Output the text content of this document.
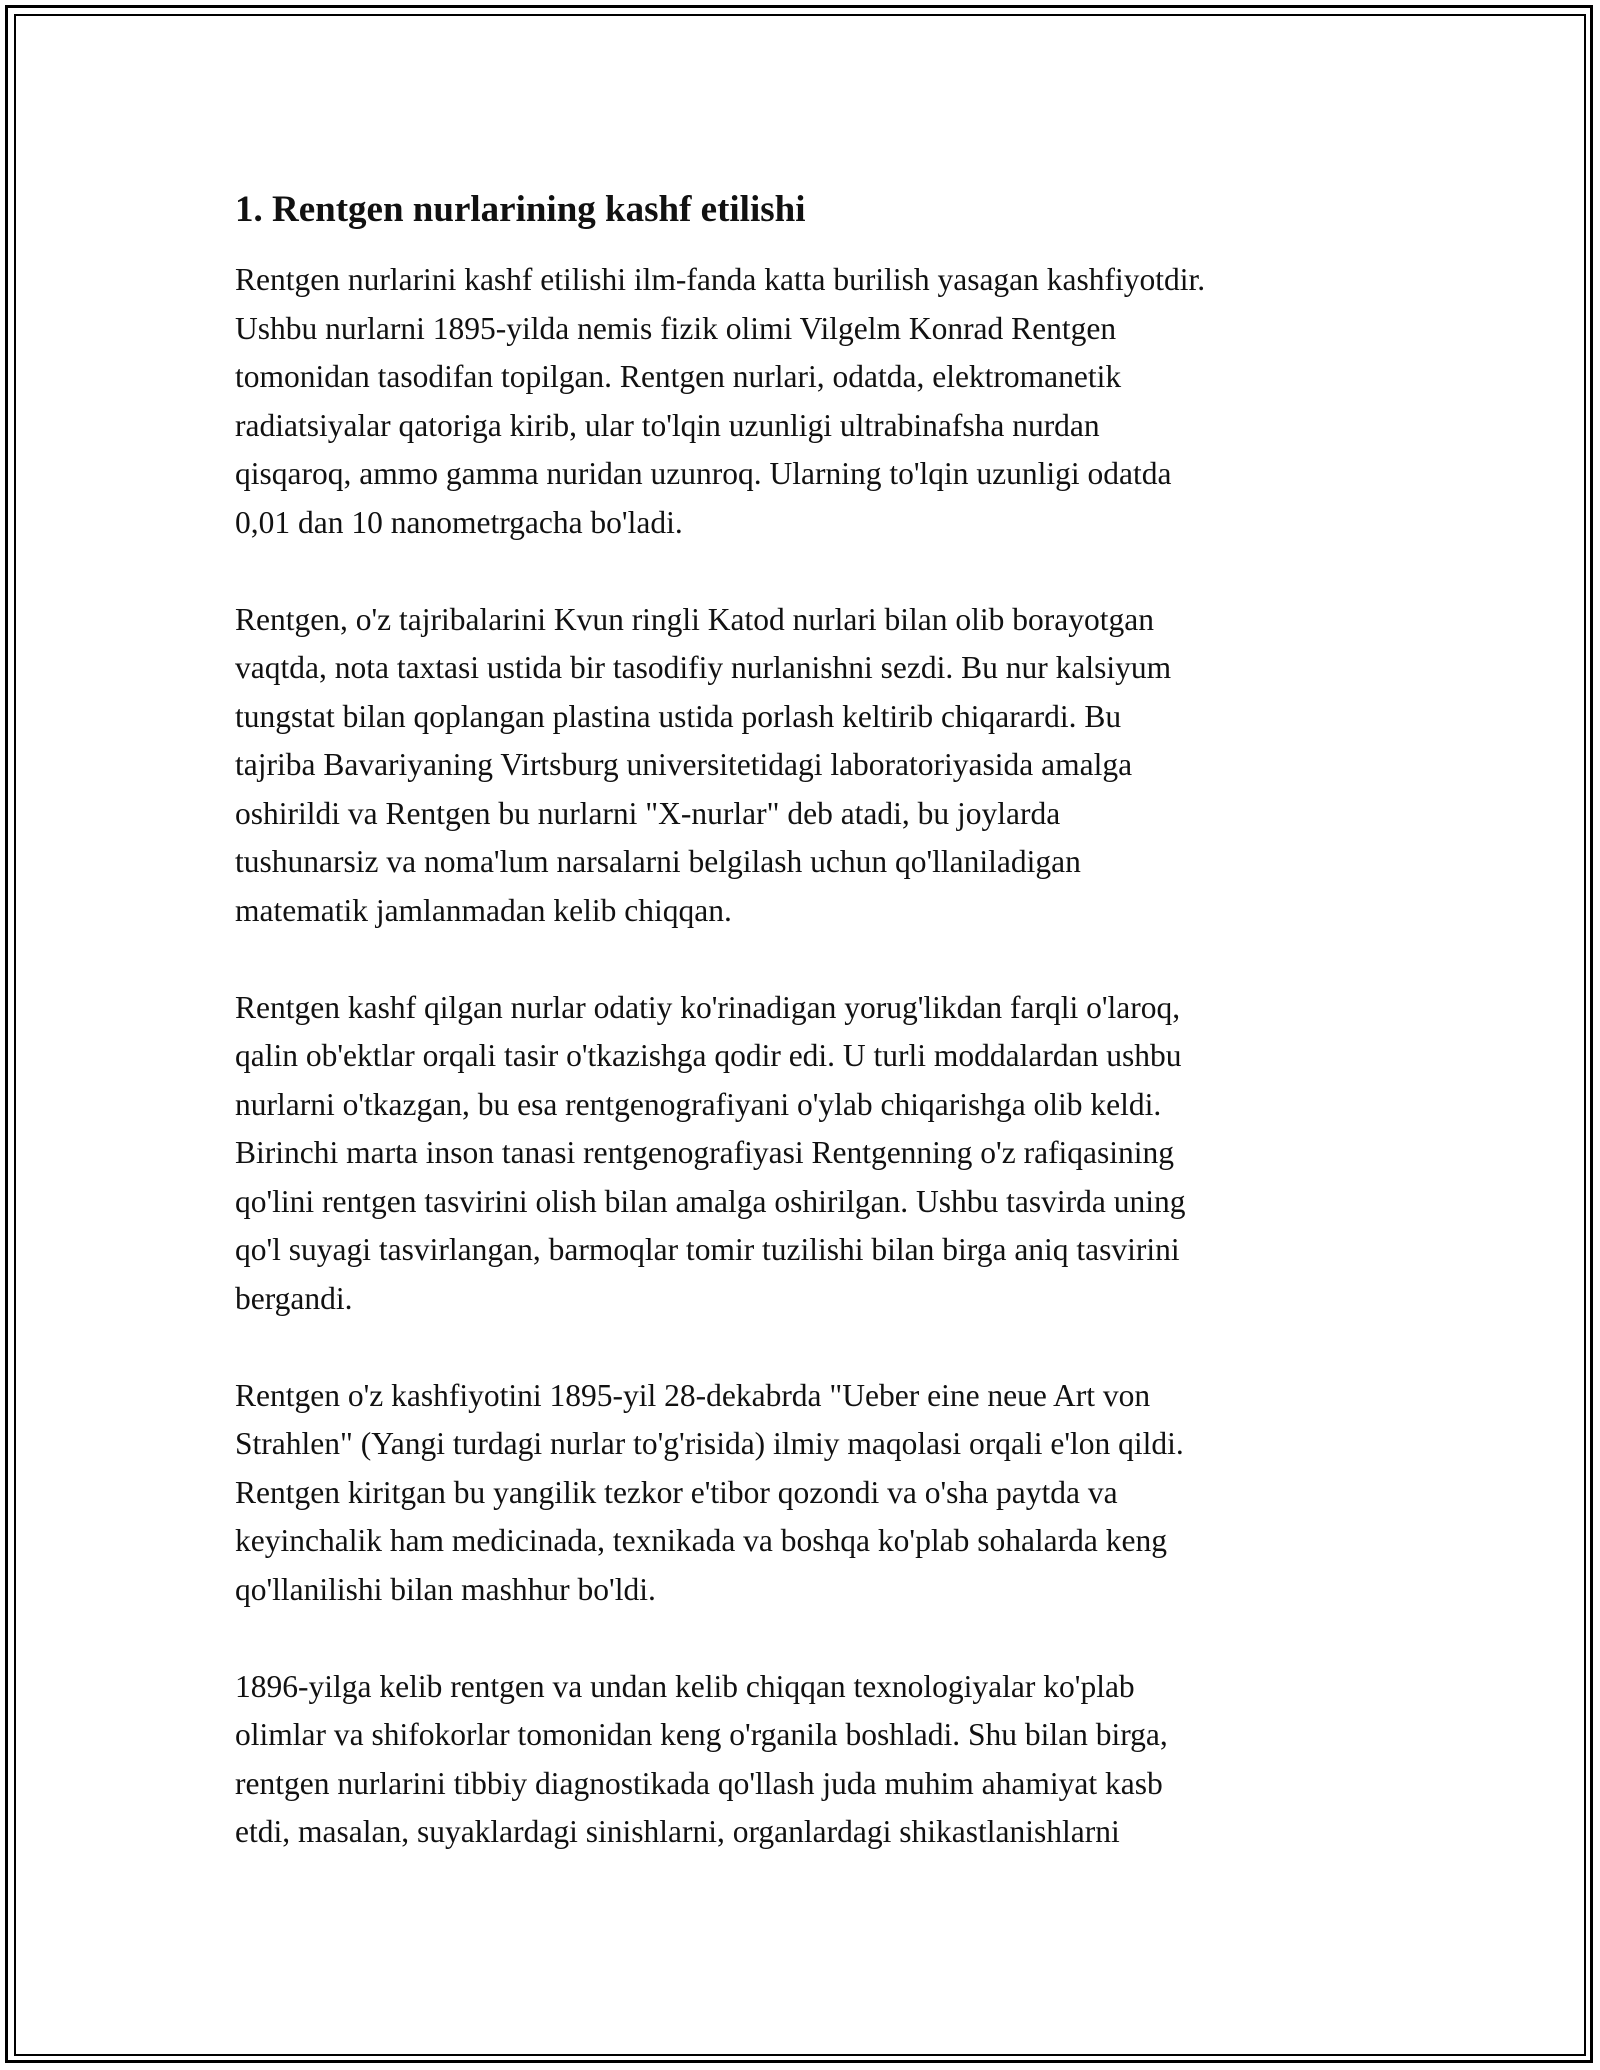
1. Rentgen nurlarining kashf etilishi

Rentgen nurlarini kashf etilishi ilm-fanda katta burilish yasagan kashfiyotdir.
Ushbu nurlarni 1895-yilda nemis fizik olimi Vilgelm Konrad Rentgen
tomonidan tasodifan topilgan. Rentgen nurlari, odatda, elektromanetik
radiatsiyalar qatoriga kirib, ular to'lqin uzunligi ultrabinafsha nurdan
qisqaroq, ammo gamma nuridan uzunroq. Ularning to'lqin uzunligi odatda
0,01 dan 10 nanometrgacha bo'ladi.

Rentgen, o'z tajribalarini Kvun ringli Katod nurlari bilan olib borayotgan
vaqtda, nota taxtasi ustida bir tasodifiy nurlanishni sezdi. Bu nur kalsiyum
tungstat bilan qoplangan plastina ustida porlash keltirib chiqarardi. Bu
tajriba Bavariyaning Virtsburg universitetidagi laboratoriyasida amalga
oshirildi va Rentgen bu nurlarni "X-nurlar" deb atadi, bu joylarda
tushunarsiz va noma'lum narsalarni belgilash uchun qo'llaniladigan
matematik jamlanmadan kelib chiqqan.

Rentgen kashf qilgan nurlar odatiy ko'rinadigan yorug'likdan farqli o'laroq,
qalin ob'ektlar orqali tasir o'tkazishga qodir edi. U turli moddalardan ushbu
nurlarni o'tkazgan, bu esa rentgenografiyani o'ylab chiqarishga olib keldi.
Birinchi marta inson tanasi rentgenografiyasi Rentgenning o'z rafiqasining
qo'lini rentgen tasvirini olish bilan amalga oshirilgan. Ushbu tasvirda uning
qo'l suyagi tasvirlangan, barmoqlar tomir tuzilishi bilan birga aniq tasvirini
bergandi.

Rentgen o'z kashfiyotini 1895-yil 28-dekabrda "Ueber eine neue Art von
Strahlen" (Yangi turdagi nurlar to'g'risida) ilmiy maqolasi orqali e'lon qildi.
Rentgen kiritgan bu yangilik tezkor e'tibor qozondi va o'sha paytda va
keyinchalik ham medicinada, texnikada va boshqa ko'plab sohalarda keng
qo'llanilishi bilan mashhur bo'ldi.

1896-yilga kelib rentgen va undan kelib chiqqan texnologiyalar ko'plab
olimlar va shifokorlar tomonidan keng o'rganila boshladi. Shu bilan birga,
rentgen nurlarini tibbiy diagnostikada qo'llash juda muhim ahamiyat kasb
etdi, masalan, suyaklardagi sinishlarni, organlardagi shikastlanishlarni
